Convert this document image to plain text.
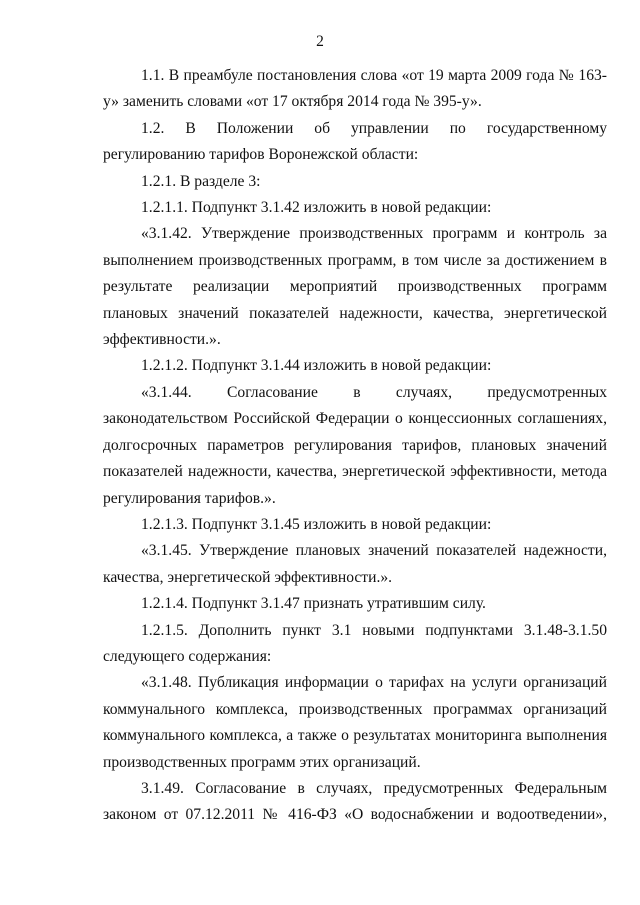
2

1.1. В преамбуле постановления слова «от 19 марта 2009 года № 163-у» заменить словами «от 17 октября 2014 года № 395-у».

1.2. В Положении об управлении по государственному регулированию тарифов Воронежской области:

1.2.1. В разделе 3:

1.2.1.1. Подпункт 3.1.42 изложить в новой редакции:

«3.1.42. Утверждение производственных программ и контроль за выполнением производственных программ, в том числе за достижением в результате реализации мероприятий производственных программ плановых значений показателей надежности, качества, энергетической эффективности.».

1.2.1.2. Подпункт 3.1.44 изложить в новой редакции:

«3.1.44. Согласование в случаях, предусмотренных законодательством Российской Федерации о концессионных соглашениях, долгосрочных параметров регулирования тарифов, плановых значений показателей надежности, качества, энергетической эффективности, метода регулирования тарифов.».

1.2.1.3. Подпункт 3.1.45 изложить в новой редакции:

«3.1.45. Утверждение плановых значений показателей надежности, качества, энергетической эффективности.».

1.2.1.4. Подпункт 3.1.47 признать утратившим силу.

1.2.1.5. Дополнить пункт 3.1 новыми подпунктами 3.1.48-3.1.50 следующего содержания:

«3.1.48. Публикация информации о тарифах на услуги организаций коммунального комплекса, производственных программах организаций коммунального комплекса, а также о результатах мониторинга выполнения производственных программ этих организаций.

3.1.49. Согласование в случаях, предусмотренных Федеральным законом от 07.12.2011 № 416-ФЗ «О водоснабжении и водоотведении»,
